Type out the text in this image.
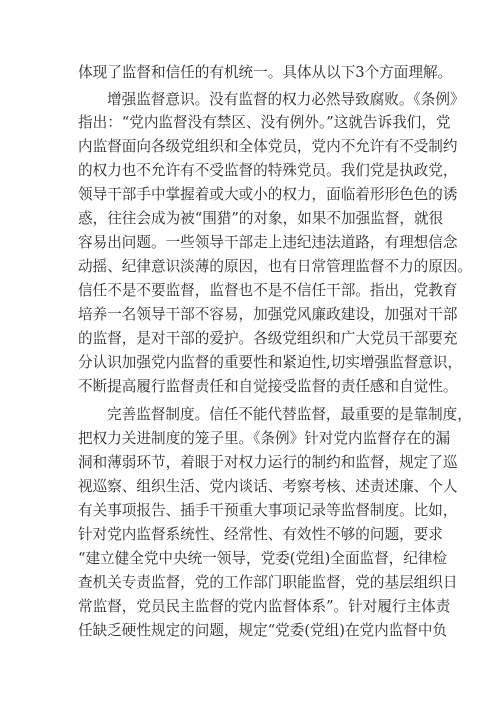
体现了监督和信任的有机统一。具体从以下3个方面理解。
增强监督意识。没有监督的权力必然导致腐败。《条例》
指出：“党内监督没有禁区、没有例外。”这就告诉我们，党
内监督面向各级党组织和全体党员，党内不允许有不受制约
的权力也不允许有不受监督的特殊党员。我们党是执政党，
领导干部手中掌握着或大或小的权力，面临着形形色色的诱
惑，往往会成为被“围猎”的对象，如果不加强监督，就很
容易出问题。一些领导干部走上违纪违法道路，有理想信念
动摇、纪律意识淡薄的原因，也有日常管理监督不力的原因。
信任不是不要监督，监督也不是不信任干部。指出，党教育
培养一名领导干部不容易，加强党风廉政建设，加强对干部
的监督，是对干部的爱护。各级党组织和广大党员干部要充
分认识加强党内监督的重要性和紧迫性,切实增强监督意识，
不断提高履行监督责任和自觉接受监督的责任感和自觉性。
完善监督制度。信任不能代替监督，最重要的是靠制度，
把权力关进制度的笼子里。《条例》针对党内监督存在的漏
洞和薄弱环节，着眼于对权力运行的制约和监督，规定了巡
视巡察、组织生活、党内谈话、考察考核、述责述廉、个人
有关事项报告、插手干预重大事项记录等监督制度。比如，
针对党内监督系统性、经常性、有效性不够的问题，要求
“建立健全党中央统一领导，党委(党组)全面监督，纪律检
查机关专责监督，党的工作部门职能监督，党的基层组织日
常监督，党员民主监督的党内监督体系”。针对履行主体责
任缺乏硬性规定的问题，规定“党委(党组)在党内监督中负
